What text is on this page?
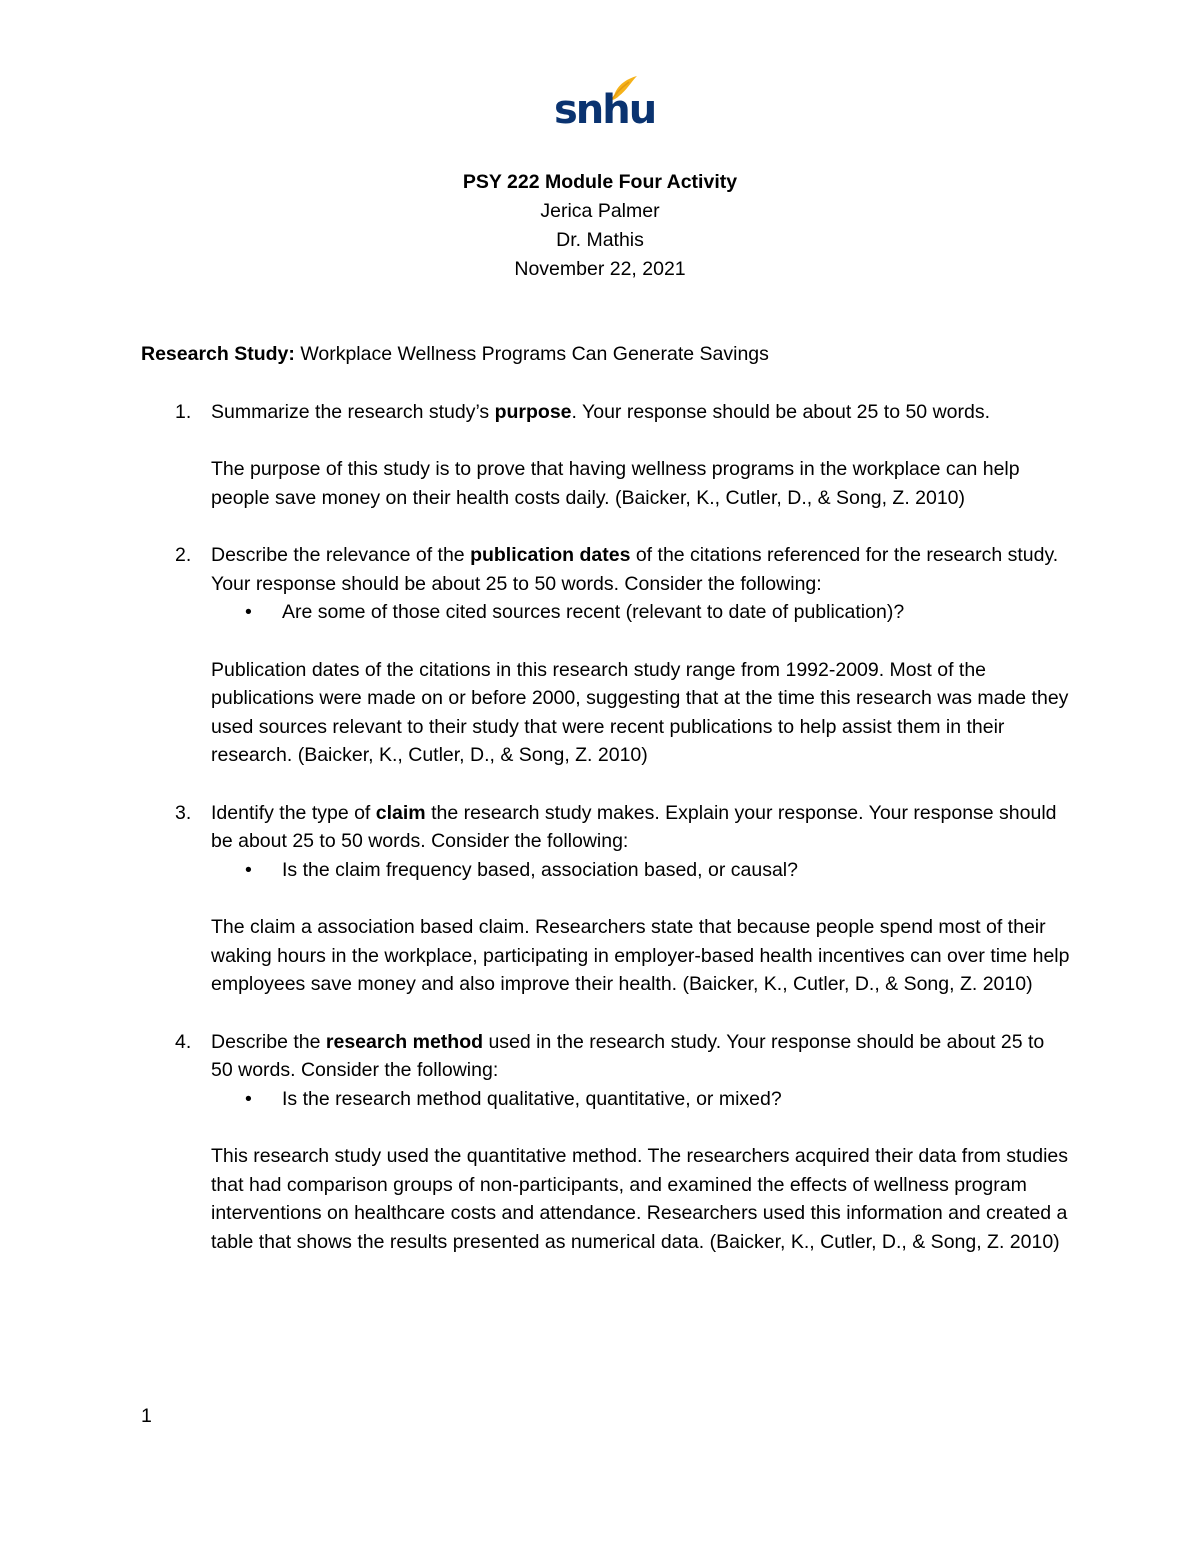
snhu
PSY 222 Module Four Activity
Jerica Palmer
Dr. Mathis
November 22, 2021

Research Study: Workplace Wellness Programs Can Generate Savings

1. Summarize the research study’s purpose. Your response should be about 25 to 50 words.

The purpose of this study is to prove that having wellness programs in the workplace can help people save money on their health costs daily. (Baicker, K., Cutler, D., & Song, Z. 2010)

2. Describe the relevance of the publication dates of the citations referenced for the research study. Your response should be about 25 to 50 words. Consider the following:

• Are some of those cited sources recent (relevant to date of publication)?

Publication dates of the citations in this research study range from 1992-2009. Most of the publications were made on or before 2000, suggesting that at the time this research was made they used sources relevant to their study that were recent publications to help assist them in their research. (Baicker, K., Cutler, D., & Song, Z. 2010)

3. Identify the type of claim the research study makes. Explain your response. Your response should be about 25 to 50 words. Consider the following:

• Is the claim frequency based, association based, or causal?

The claim a association based claim. Researchers state that because people spend most of their waking hours in the workplace, participating in employer-based health incentives can over time help employees save money and also improve their health. (Baicker, K., Cutler, D., & Song, Z. 2010)

4. Describe the research method used in the research study. Your response should be about 25 to 50 words. Consider the following:

• Is the research method qualitative, quantitative, or mixed?

This research study used the quantitative method. The researchers acquired their data from studies that had comparison groups of non-participants, and examined the effects of wellness program interventions on healthcare costs and attendance. Researchers used this information and created a table that shows the results presented as numerical data. (Baicker, K., Cutler, D., & Song, Z. 2010)

1
